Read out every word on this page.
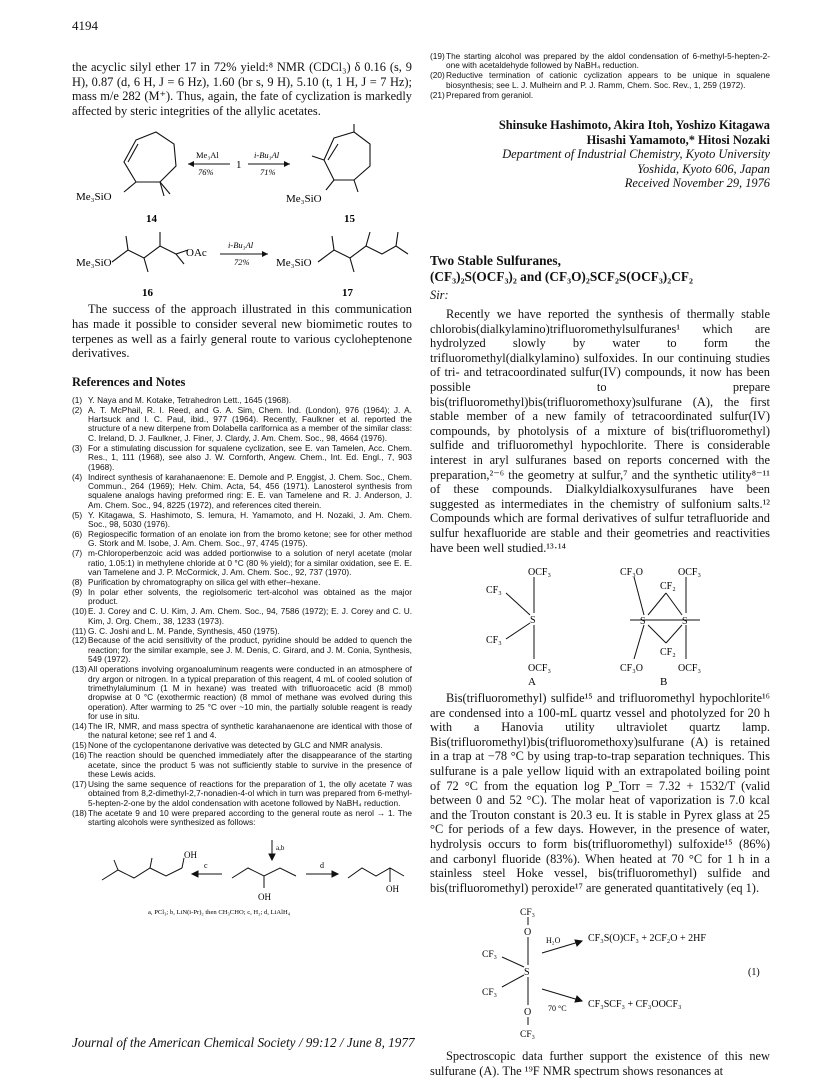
4194

the acyclic silyl ether 17 in 72% yield:⁸ NMR (CDCl₃) δ 0.16 (s, 9 H), 0.87 (d, 6 H, J = 6 Hz), 1.60 (br s, 9 H), 5.10 (t, 1 H, J = 7 Hz); mass m/e 282 (M⁺). Thus, again, the fate of cyclization is markedly affected by steric integrities of the allylic acetates.

Me₃SiO
14
Me₃Al
76%
1
i-Bu₃Al
71%
Me₃SiO
15
Me₃SiO
OAc
16
i-Bu₃Al
72% Me₃SiO
17

The success of the approach illustrated in this communication has made it possible to consider several new biomimetic routes to terpenes as well as a fairly general route to various cycloheptenone derivatives.

References and Notes
(1) Y. Naya and M. Kotake, Tetrahedron Lett., 1645 (1968).
(2) A. T. McPhail, R. I. Reed, and G. A. Sim, Chem. Ind. (London), 976 (1964); J. A. Hartsuck and I. C. Paul, ibid., 977 (1964). Recently, Faulkner et al. reported the structure of a new diterpene from Dolabella carlfornica as a member of the similar class: C. Ireland, D. J. Faulkner, J. Finer, J. Clardy, J. Am. Chem. Soc., 98, 4664 (1976).
(3) For a stimulating discussion for squalene cyclization, see E. van Tamelen, Acc. Chem. Res., 1, 111 (1968), see also J. W. Cornforth, Angew. Chem., Int. Ed. Engl., 7, 903 (1968).
(4) Indirect synthesis of karahanaenone: E. Demole and P. Enggist, J. Chem. Soc., Chem. Commun., 264 (1969); Helv. Chim. Acta, 54, 456 (1971). Lanosterol synthesis from squalene analogs having preformed ring: E. E. van Tamelene and R. J. Anderson, J. Am. Chem. Soc., 94, 8225 (1972), and references cited therein.
(5) Y. Kitagawa, S. Hashimoto, S. Iemura, H. Yamamoto, and H. Nozaki, J. Am. Chem. Soc., 98, 5030 (1976).
(6) Regiospecific formation of an enolate ion from the bromo ketone; see for other method G. Stork and M. Isobe, J. Am. Chem. Soc., 97, 4745 (1975).
(7) m-Chloroperbenzoic acid was added portionwise to a solution of neryl acetate (molar ratio, 1.05:1) in methylene chloride at 0 °C (80 % yield); for a similar oxidation, see E. E. van Tamelene and J. P. McCormick, J. Am. Chem. Soc., 92, 737 (1970).
(8) Purification by chromatography on silica gel with ether–hexane.
(9) In polar ether solvents, the regiolsomeric tert-alcohol was obtained as the major product.
(10) E. J. Corey and C. U. Kim, J. Am. Chem. Soc., 94, 7586 (1972); E. J. Corey and C. U. Kim, J. Org. Chem., 38, 1233 (1973).
(11) G. C. Joshi and L. M. Pande, Synthesis, 450 (1975).
(12) Because of the acid sensitivity of the product, pyridine should be added to quench the reaction; for the similar example, see J. M. Denis, C. Girard, and J. M. Conia, Synthesis, 549 (1972).
(13) All operations involving organoaluminum reagents were conducted in an atmosphere of dry argon or nitrogen. In a typical preparation of this reagent, 4 mL of cooled solution of trimethylaluminum (1 M in hexane) was treated with trifluoroacetic acid (8 mmol) dropwise at 0 °C (exothermic reaction) (8 mmol of methane was evolved during this operation). After warming to 25 °C over ~10 min, the partially soluble reagent is ready for use in situ.
(14) The IR, NMR, and mass spectra of synthetic karahanaenone are identical with those of the natural ketone; see ref 1 and 4.
(15) None of the cyclopentanone derivative was detected by GLC and NMR analysis.
(16) The reaction should be quenched immediately after the disappearance of the starting acetate, since the product 5 was not sufficiently stable to survive in the presence of these Lewis acids.
(17) Using the same sequence of reactions for the preparation of 1, the olly acetate 7 was obtained from 8,2-dimethyl-2,7-nonadien-4-ol which in turn was prepared from 6-methyl-5-hepten-2-one by the aldol condensation with acetone followed by NaBH₄ reduction.
(18) The acetate 9 and 10 were prepared according to the general route as nerol → 1. The starting alcohols were synthesized as follows:
OH
OH
OH
a,b
c	d
a, PCl₃; b, LiN(i-Pr)₂ then CH₃CHO; c, H₂; d, LiAlH₄
(19) The starting alcohol was prepared by the aldol condensation of 6-methyl-5-hepten-2-one with acetaldehyde followed by NaBH₄ reduction.
(20) Reductive termination of cationic cyclization appears to be unique in squalene biosynthesis; see L. J. Mulheirn and P. J. Ramm, Chem. Soc. Rev., 1, 259 (1972).
(21) Prepared from geraniol.
Shinsuke Hashimoto, Akira Itoh, Yoshizo Kitagawa
Hisashi Yamamoto,* Hitosi Nozaki
Department of Industrial Chemistry, Kyoto University
Yoshida, Kyoto 606, Japan
Received November 29, 1976
Two Stable Sulfuranes,
(CF₃)₂S(OCF₃)₂ and (CF₃O)₂SCF₂S(OCF₃)₂CF₂
Sir:

Recently we have reported the synthesis of thermally stable chlorobis(dialkylamino)trifluoromethylsulfuranes¹ which are hydrolyzed slowly by water to form the trifluoromethyl(dialkylamino) sulfoxides. In our continuing studies of tri- and tetracoordinated sulfur(IV) compounds, it now has been possible to prepare bis(trifluoromethyl)bis(trifluoromethoxy)sulfurane (A), the first stable member of a new family of tetracoordinated sulfur(IV) compounds, by photolysis of a mixture of bis(trifluoromethyl) sulfide and trifluoromethyl hypochlorite. There is considerable interest in aryl sulfuranes based on reports concerned with the preparation,²⁻⁶ the geometry at sulfur,⁷ and the synthetic utility⁸⁻¹¹ of these compounds. Dialkyldialkoxysulfuranes have been suggested as intermediates in the chemistry of sulfonium salts.¹² Compounds which are formal derivatives of sulfur tetrafluoride and sulfur hexafluoride are stable and their geometries and reactivities have been well studied.¹³·¹⁴

OCF₃
CF₃
S
CF₃
OCF₃
A
CF₃O	OCF₃
CF₂
S	S
CF₂
CF₃O	OCF₃
B

Bis(trifluoromethyl) sulfide¹⁵ and trifluoromethyl hypochlorite¹⁶ are condensed into a 100-mL quartz vessel and photolyzed for 20 h with a Hanovia utility ultraviolet quartz lamp. Bis(trifluoromethyl)bis(trifluoromethoxy)sulfurane (A) is retained in a trap at −78 °C by using trap-to-trap separation techniques. This sulfurane is a pale yellow liquid with an extrapolated boiling point of 72 °C from the equation log P_Torr = 7.32 + 1532/T (valid between 0 and 52 °C). The molar heat of vaporization is 7.0 kcal and the Trouton constant is 20.3 eu. It is stable in Pyrex glass at 25 °C for periods of a few days. However, in the presence of water, hydrolysis occurs to form bis(trifluoromethyl) sulfoxide¹⁵ (86%) and carbonyl fluoride (83%). When heated at 70 °C for 1 h in a stainless steel Hoke vessel, bis(trifluoromethyl) sulfide and bis(trifluoromethyl) peroxide¹⁷ are generated quantitatively (eq 1).

CF₃
O
CF₃
S
CF₃
O
CF₃
H₂O
70 °C
CF₃S(O)CF₃ + 2CF₂O + 2HF
CF₃SCF₃ + CF₃OOCF₃
(1)

Spectroscopic data further support the existence of this new sulfurane (A). The ¹⁹F NMR spectrum shows resonances at

Journal of the American Chemical Society / 99:12 / June 8, 1977
